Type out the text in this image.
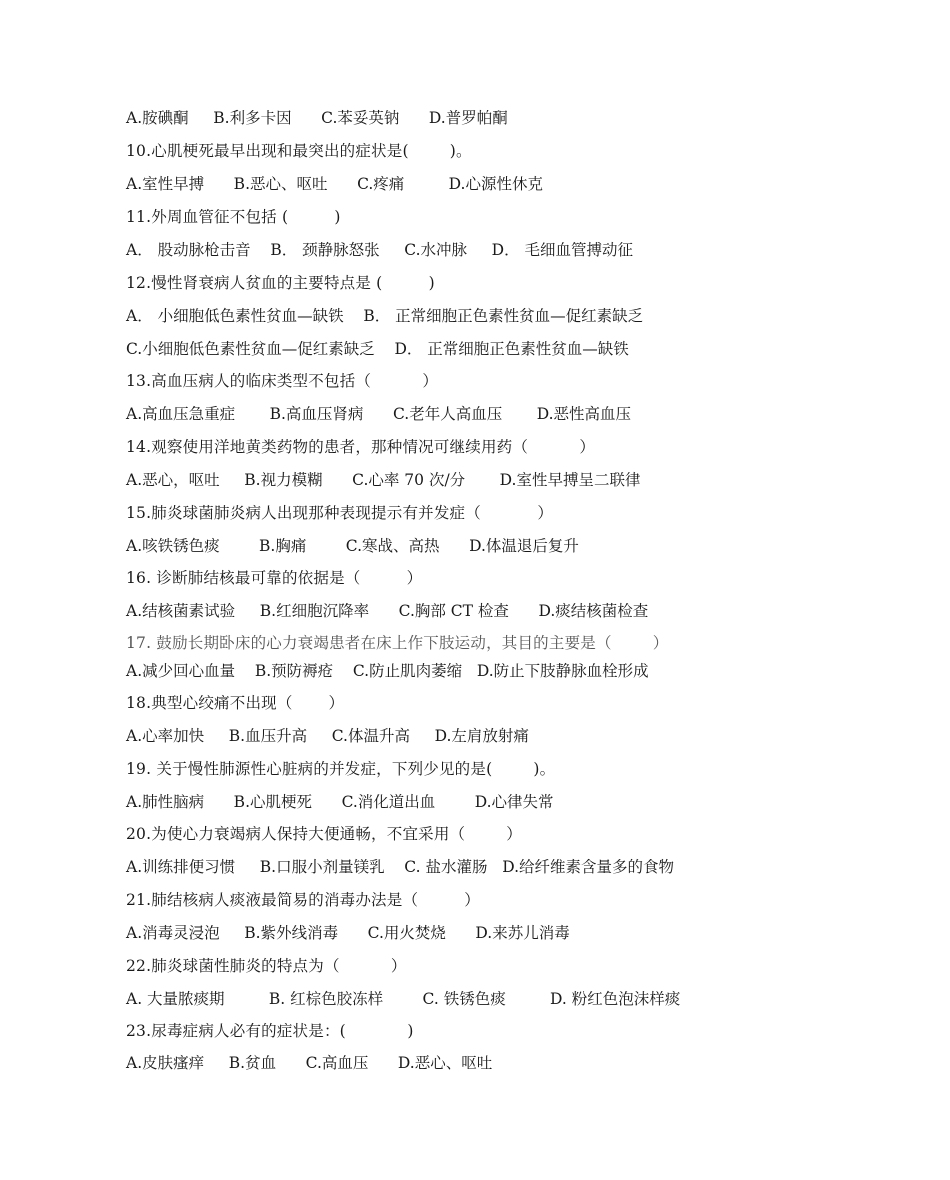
A.胺碘酮     B.利多卡因      C.苯妥英钠      D.普罗帕酮
10.心肌梗死最早出现和最突出的症状是(        )。
A.室性早搏      B.恶心、呕吐      C.疼痛         D.心源性休克
11.外周血管征不包括 (         )
A． 股动脉枪击音    B． 颈静脉怒张     C.水冲脉     D． 毛细血管搏动征
12.慢性肾衰病人贫血的主要特点是 (         )
A． 小细胞低色素性贫血—缺铁    B． 正常细胞正色素性贫血—促红素缺乏
C.小细胞低色素性贫血—促红素缺乏    D． 正常细胞正色素性贫血—缺铁
13.高血压病人的临床类型不包括（          ）
A.高血压急重症       B.高血压肾病      C.老年人高血压       D.恶性高血压
14.观察使用洋地黄类药物的患者，那种情况可继续用药（          ）
A.恶心，呕吐     B.视力模糊      C.心率 70 次/分       D.室性早搏呈二联律
15.肺炎球菌肺炎病人出现那种表现提示有并发症（           ）
A.咳铁锈色痰        B.胸痛        C.寒战、高热      D.体温退后复升
16. 诊断肺结核最可靠的依据是（         ）
A.结核菌素试验     B.红细胞沉降率      C.胸部 CT 检查      D.痰结核菌检查
17. 鼓励长期卧床的心力衰竭患者在床上作下肢运动，其目的主要是（        ）
A.减少回心血量    B.预防褥疮    C.防止肌肉萎缩   D.防止下肢静脉血栓形成
18.典型心绞痛不出现（       ）
A.心率加快     B.血压升高     C.体温升高     D.左肩放射痛
19. 关于慢性肺源性心脏病的并发症，下列少见的是(        )。
A.肺性脑病      B.心肌梗死      C.消化道出血        D.心律失常
20.为使心力衰竭病人保持大便通畅，不宜采用（        ）
A.训练排便习惯     B.口服小剂量镁乳    C. 盐水灌肠   D.给纤维素含量多的食物
21.肺结核病人痰液最简易的消毒办法是（         ）
A.消毒灵浸泡     B.紫外线消毒      C.用火焚烧      D.来苏儿消毒
22.肺炎球菌性肺炎的特点为（          ）
A. 大量脓痰期         B. 红棕色胶冻样        C. 铁锈色痰         D. 粉红色泡沫样痰
23.尿毒症病人必有的症状是：(            )
A.皮肤瘙痒     B.贫血      C.高血压      D.恶心、呕吐
